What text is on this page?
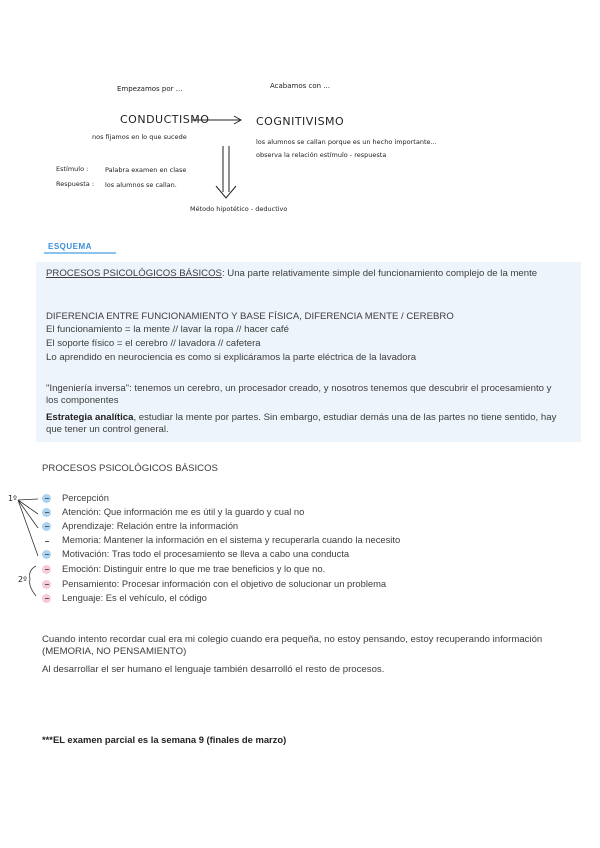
Empezamos por ...
CONDUCTISMO
Acabamos con ...
COGNITIVISMO
nos fijamos en lo que sucede
los alumnos se callan porque es un hecho importante...
observa la relación estímulo - respuesta
Estímulo :	Palabra examen en clase
Respuesta : los alumnos se callan.
Método hipotético - deductivo
ESQUEMA

PROCESOS PSICOLÓGICOS BÁSICOS: Una parte relativamente simple del funcionamiento complejo de la mente

DIFERENCIA ENTRE FUNCIONAMIENTO Y BASE FÍSICA, DIFERENCIA MENTE / CEREBRO

El funcionamiento = la mente // lavar la ropa // hacer café

El soporte físico = el cerebro // lavadora // cafetera

Lo aprendido en neurociencia es como si explicáramos la parte eléctrica de la lavadora

"Ingeniería inversa": tenemos un cerebro, un procesador creado, y nosotros tenemos que descubrir el procesamiento y los componentes

Estrategia analítica, estudiar la mente por partes. Sin embargo, estudiar demás una de las partes no tiene sentido, hay que tener un control general.

PROCESOS PSICOLÓGICOS BÁSICOS
1º
2º
Percepción
Atención: Que información me es útil y la guardo y cual no
Aprendizaje: Relación entre la información
Memoria: Mantener la información en el sistema y recuperarla cuando la necesito
Motivación: Tras todo el procesamiento se lleva a cabo una conducta
Emoción: Distinguir entre lo que me trae beneficios y lo que no.
Pensamiento: Procesar información con el objetivo de solucionar un problema
Lenguaje: Es el vehículo, el código
Cuando intento recordar cual era mi colegio cuando era pequeña, no estoy pensando, estoy recuperando información (MEMORIA, NO PENSAMIENTO)
Al desarrollar el ser humano el lenguaje también desarrolló el resto de procesos.
***EL examen parcial es la semana 9 (finales de marzo)
